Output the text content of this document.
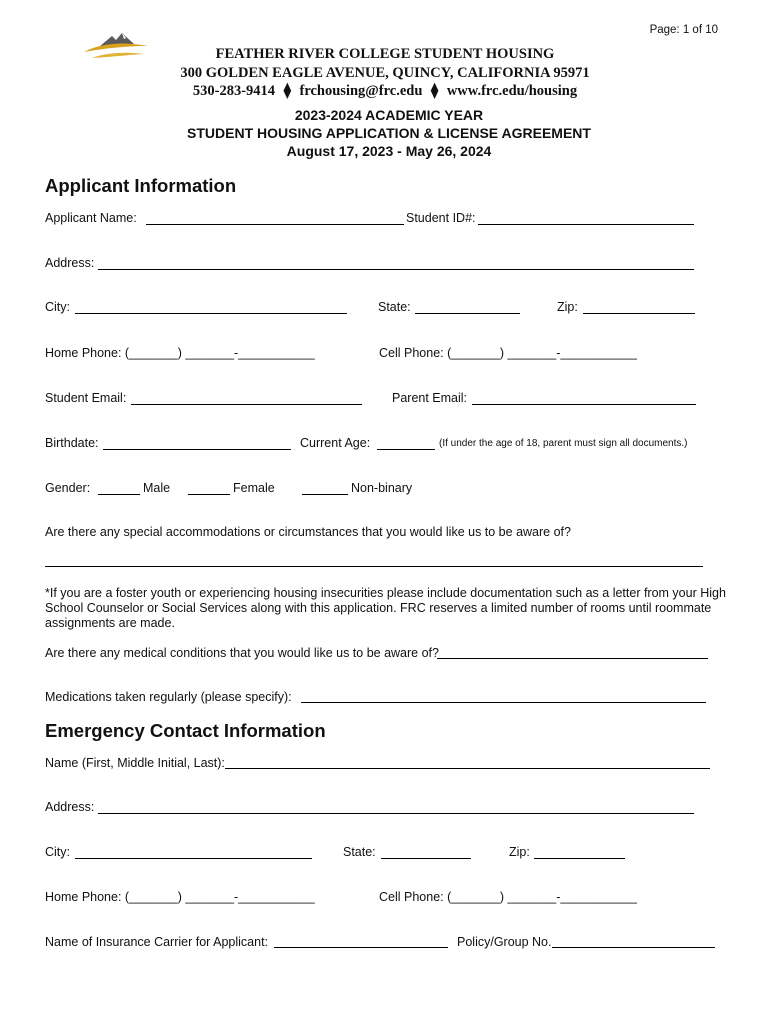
Page: 1 of 10
FEATHER RIVER COLLEGE STUDENT HOUSING
300 GOLDEN EAGLE AVENUE, QUINCY, CALIFORNIA 95971
530-283-9414 ⧫ frchousing@frc.edu ⧫ www.frc.edu/housing
2023-2024 ACADEMIC YEAR
STUDENT HOUSING APPLICATION & LICENSE AGREEMENT
August 17, 2023 - May 26, 2024
Applicant Information
Applicant Name:	Student ID#:
Address:
City:	State:	Zip:
Home Phone: (_______) _______-___________	Cell Phone: (_______) _______-___________
Student Email:	Parent Email:
Birthdate:	Current Age:	(If under the age of 18, parent must sign all documents.)
Gender:	Male	Female	Non-binary
Are there any special accommodations or circumstances that you would like us to be aware of?
*If you are a foster youth or experiencing housing insecurities please include documentation such as a letter from your High School Counselor or Social Services along with this application. FRC reserves a limited number of rooms until roommate assignments are made.
Are there any medical conditions that you would like us to be aware of?
Medications taken regularly (please specify):
Emergency Contact Information
Name (First, Middle Initial, Last):
Address:
City:	State:	Zip:
Home Phone: (_______) _______-___________	Cell Phone: (_______) _______-___________
Name of Insurance Carrier for Applicant:	Policy/Group No.
